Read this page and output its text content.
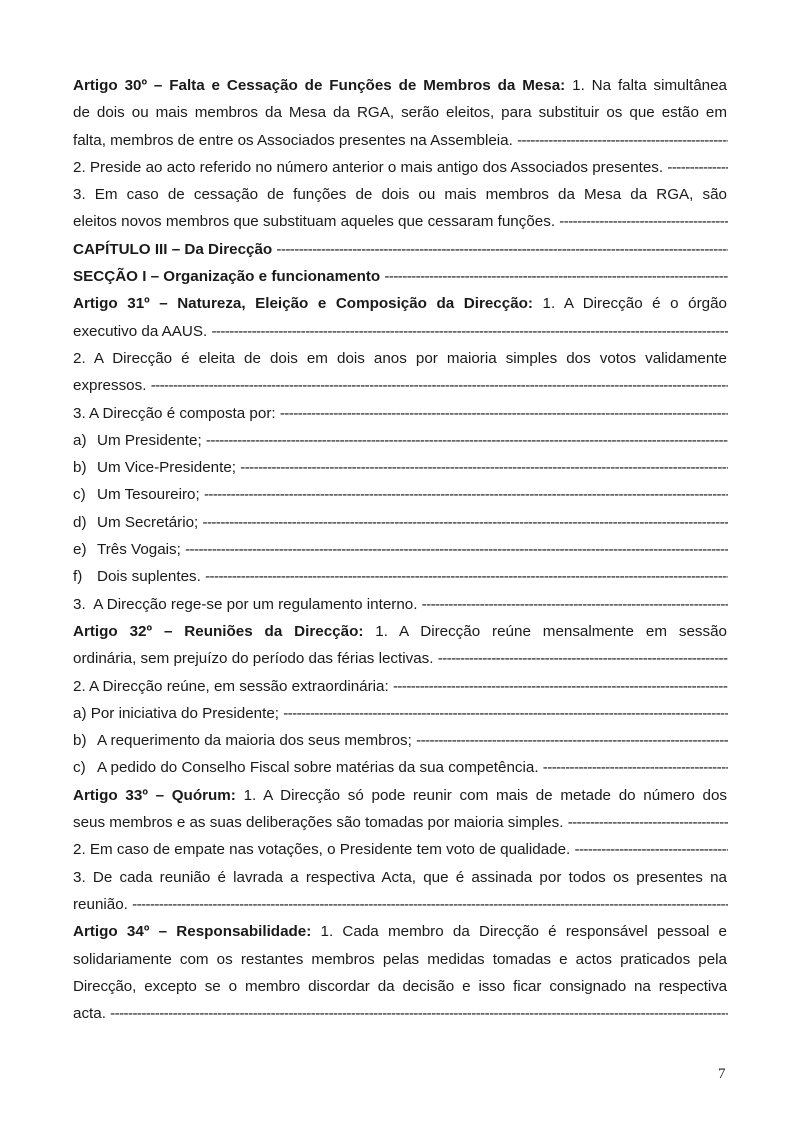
Artigo 30º – Falta e Cessação de Funções de Membros da Mesa: 1. Na falta simultânea
de dois ou mais membros da Mesa da RGA, serão eleitos, para substituir os que estão em
falta, membros de entre os Associados presentes na Assembleia.

-----
2. Preside ao acto referido no número anterior o mais antigo dos Associados presentes.

-----
3. Em caso de cessação de funções de dois ou mais membros da Mesa da RGA, são
eleitos novos membros que substituam aqueles que cessaram funções.

-----
CAPÍTULO III – Da Direcção

-----
SECÇÃO I – Organização e funcionamento

-----
Artigo 31º – Natureza, Eleição e Composição da Direcção: 1. A Direcção é o órgão
executivo da AAUS.

-----
2. A Direcção é eleita de dois em dois anos por maioria simples dos votos validamente
expressos.

-----
3. A Direcção é composta por:

-----
a) Um Presidente;

-----
b) Um Vice-Presidente;

-----
c) Um Tesoureiro;

-----
d) Um Secretário;

-----
e) Três Vogais;

-----
f) Dois suplentes.

-----
3.  A Direcção rege-se por um regulamento interno.

-----
Artigo 32º – Reuniões da Direcção: 1. A Direcção reúne mensalmente em sessão
ordinária, sem prejuízo do período das férias lectivas.

-----
2. A Direcção reúne, em sessão extraordinária:

-----
a) Por iniciativa do Presidente;

-----
b) A requerimento da maioria dos seus membros;

-----
c) A pedido do Conselho Fiscal sobre matérias da sua competência.

-----
Artigo 33º – Quórum: 1. A Direcção só pode reunir com mais de metade do número dos
seus membros e as suas deliberações são tomadas por maioria simples.

-----
2. Em caso de empate nas votações, o Presidente tem voto de qualidade.

-----
3. De cada reunião é lavrada a respectiva Acta, que é assinada por todos os presentes na
reunião.

-----
Artigo 34º – Responsabilidade: 1. Cada membro da Direcção é responsável pessoal e
solidariamente com os restantes membros pelas medidas tomadas e actos praticados pela
Direcção, excepto se o membro discordar da decisão e isso ficar consignado na respectiva
acta.

-----
7
